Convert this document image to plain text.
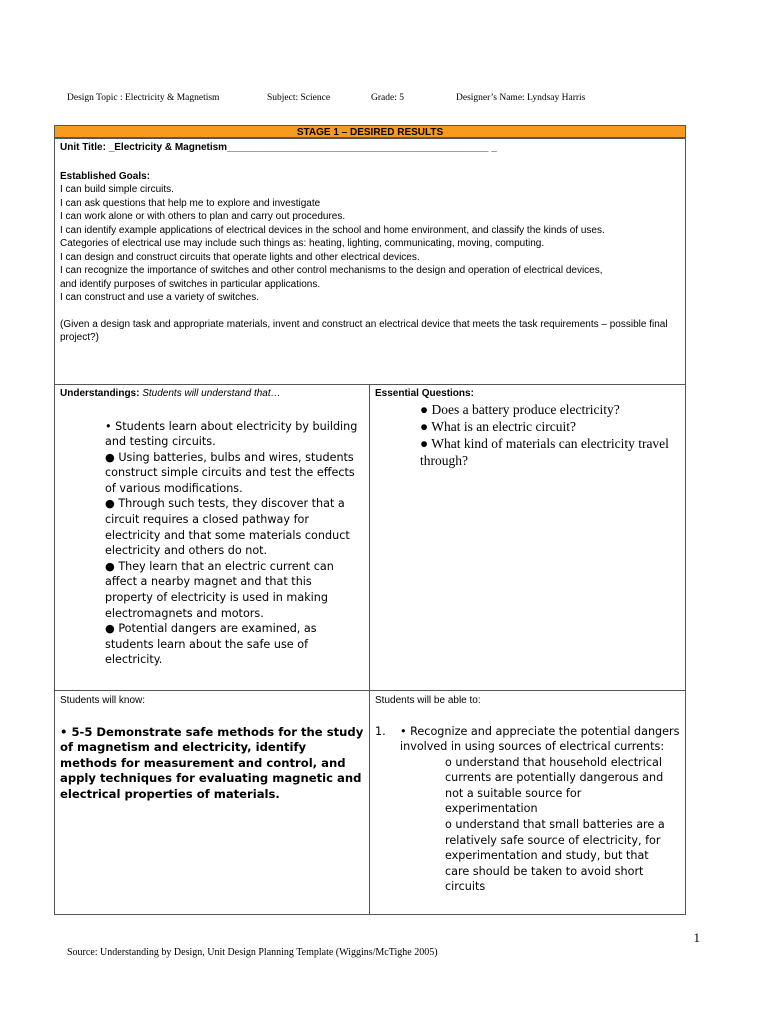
Design Topic : Electricity & Magnetism	Subject: Science	Grade: 5	Designer’s Name: Lyndsay Harris
STAGE 1 – DESIRED RESULTS
Unit Title: _Electricity & Magnetism_______________________________________________ _
Established Goals:
I can build simple circuits.
I can ask questions that help me to explore and investigate
I can work alone or with others to plan and carry out procedures.
I can identify example applications of electrical devices in the school and home environment, and classify the kinds of uses.
Categories of electrical use may include such things as: heating, lighting, communicating, moving, computing.
I can design and construct circuits that operate lights and other electrical devices.
I can recognize the importance of switches and other control mechanisms to the design and operation of electrical devices,
and identify purposes of switches in particular applications.
I can construct and use a variety of switches.
(Given a design task and appropriate materials, invent and construct an electrical device that meets the task requirements – possible final project?)
Understandings: Students will understand that…
• Students learn about electricity by building and testing circuits.
● Using batteries, bulbs and wires, students construct simple circuits and test the effects of various modifications.
● Through such tests, they discover that a circuit requires a closed pathway for electricity and that some materials conduct electricity and others do not.
● They learn that an electric current can affect a nearby magnet and that this property of electricity is used in making electromagnets and motors.
● Potential dangers are examined, as students learn about the safe use of electricity.
Essential Questions:
● Does a battery produce electricity?
● What is an electric circuit?
● What kind of materials can electricity travel through?
Students will know:
• 5-5 Demonstrate safe methods for the study of magnetism and electricity, identify methods for measurement and control, and apply techniques for evaluating magnetic and electrical properties of materials.
Students will be able to:
1. • Recognize and appreciate the potential dangers involved in using sources of electrical currents:
o understand that household electrical currents are potentially dangerous and not a suitable source for experimentation
o understand that small batteries are a relatively safe source of electricity, for experimentation and study, but that care should be taken to avoid short circuits
1
Source: Understanding by Design, Unit Design Planning Template (Wiggins/McTighe 2005)
